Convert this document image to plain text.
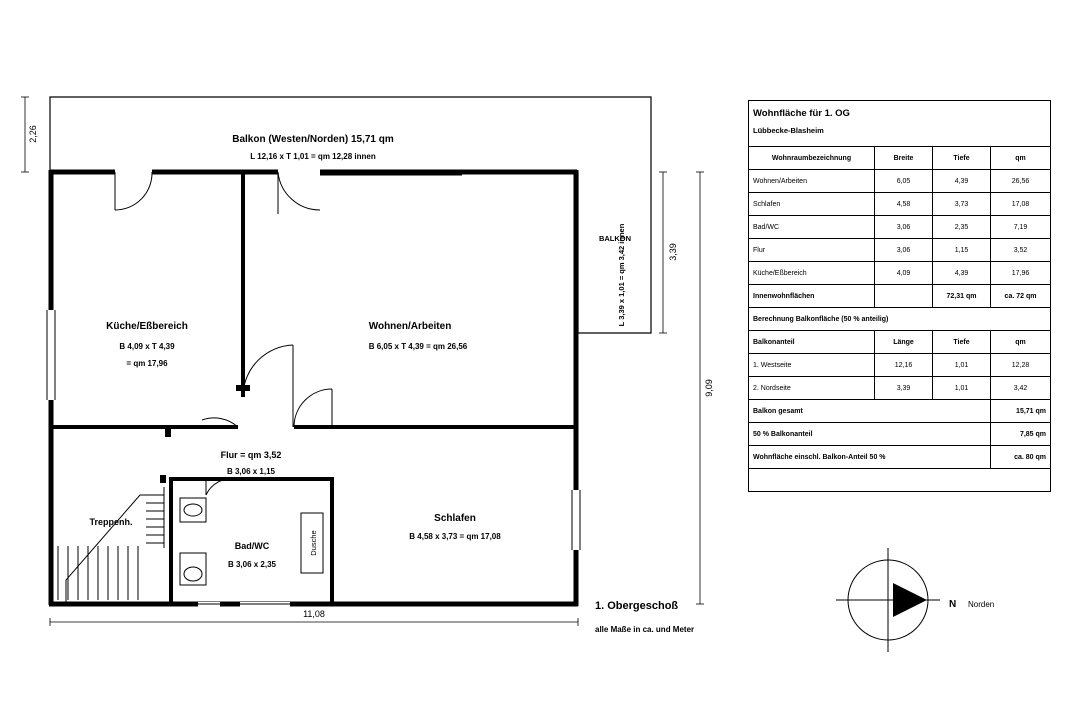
Dusche
2,26
3,39
9,09
11,08
Balkon (Westen/Norden) 15,71 qm
L 12,16 x T 1,01 = qm 12,28 innen
BALKON
L 3,39 x 1,01 = qm 3,42 innen
Küche/Eßbereich
B 4,09 x T 4,39
= qm 17,96
Wohnen/Arbeiten
B 6,05 x T 4,39 = qm 26,56
Flur = qm 3,52
B 3,06 x 1,15
Treppenh.
Bad/WC
B 3,06 x 2,35
Schlafen
B 4,58 x 3,73 = qm 17,08
1. Obergeschoß
alle Maße in ca. und Meter
N Norden
Wohnfläche für 1. OG
Lübbecke-Blasheim			

Wohnraumbezeichnung	Breite	Tiefe	qm
Wohnen/Arbeiten	6,05	4,39	26,56
Schlafen	4,58	3,73	17,08
Bad/WC	3,06	2,35	7,19
Flur	3,06	1,15	3,52
Küche/Eßbereich	4,09	4,39	17,96
Innenwohnflächen		72,31 qm	ca. 72 qm
Berechnung Balkonfläche (50 % anteilig)			
Balkonanteil	Länge	Tiefe	qm
1. Westseite	12,16	1,01	12,28
2. Nordseite	3,39	1,01	3,42
Balkon gesamt			15,71 qm
50 % Balkonanteil			7,85 qm
Wohnfläche einschl. Balkon-Anteil 50 %			ca. 80 qm
